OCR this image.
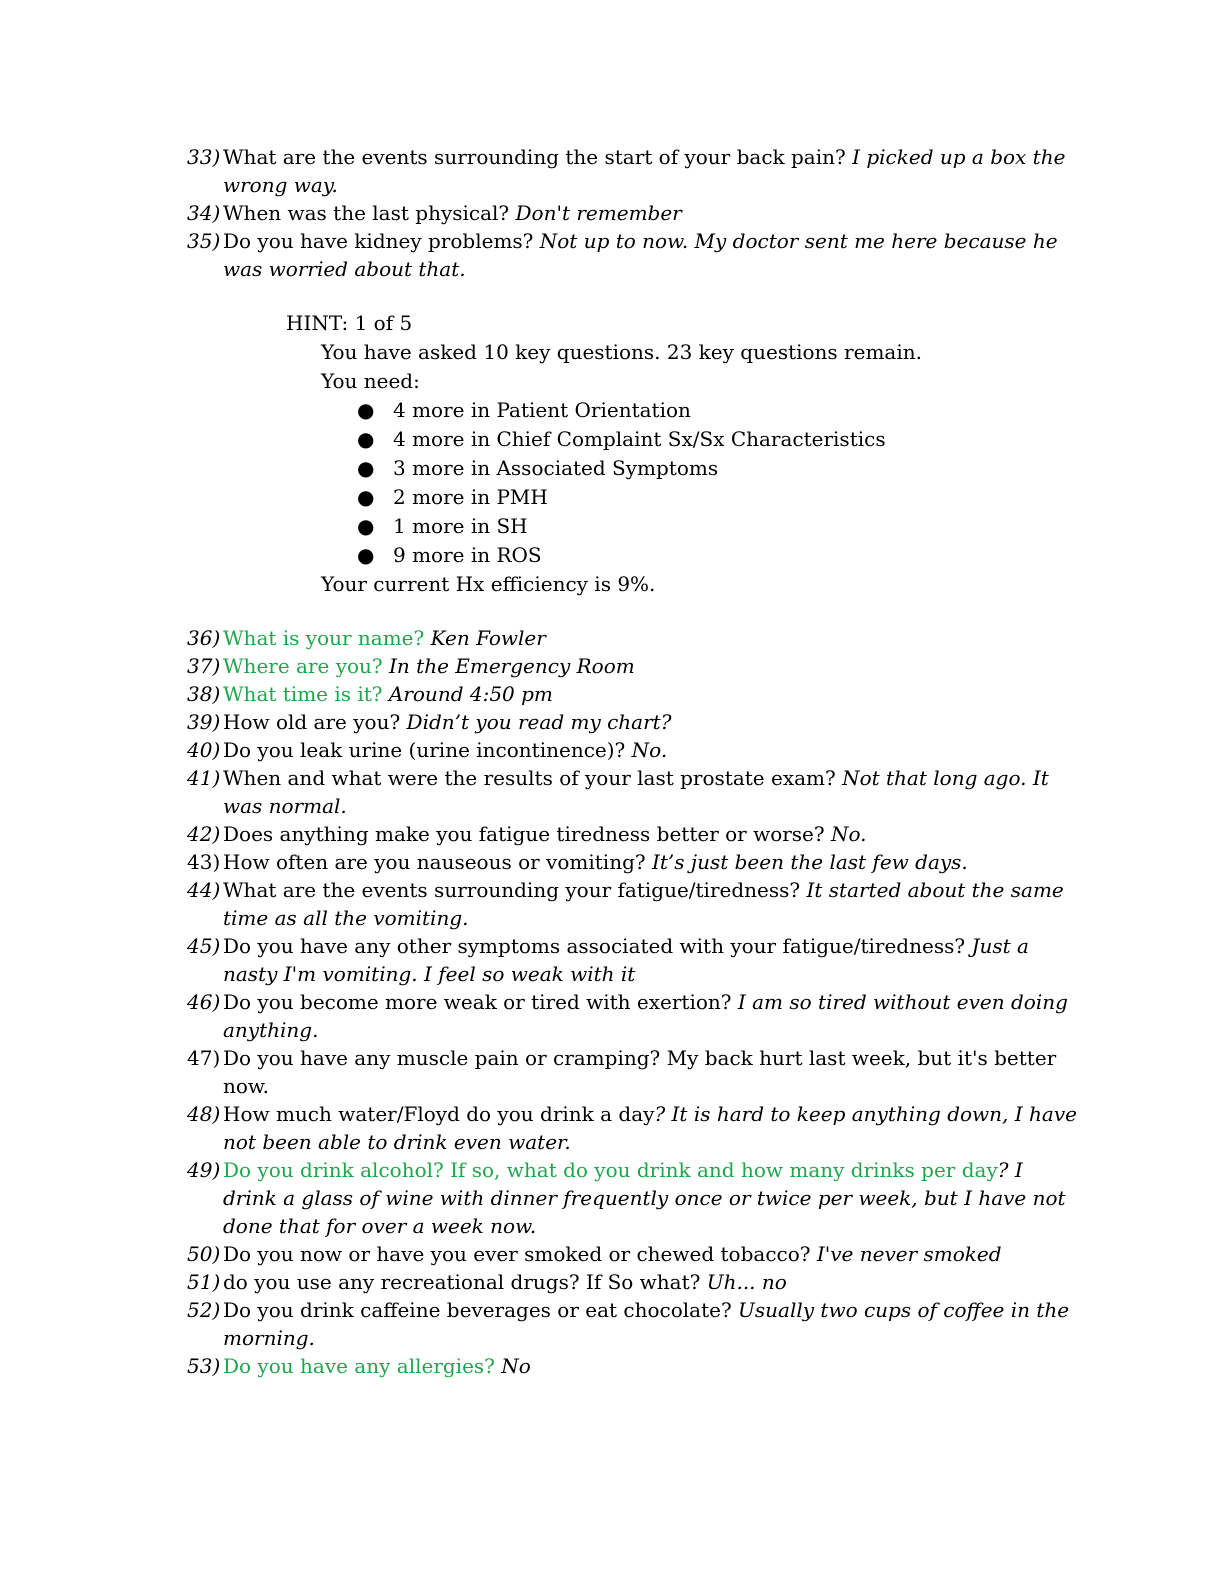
33) What are the events surrounding the start of your back pain? I picked up a box the wrong way.

34)
When was the last physical? Don't remember

35) Do you have kidney problems? Not up to now. My doctor sent me here because he was worried about that.

HINT: 1 of 5

You have asked 10 key questions. 23 key questions remain.

You need:

● 4 more in Patient Orientation
● 4 more in Chief Complaint Sx/Sx Characteristics
● 3 more in Associated Symptoms
● 2 more in PMH
● 1 more in SH
● 9 more in ROS

Your current Hx efficiency is 9%.

36)
What is your name? Ken Fowler

37)
Where are you? In the Emergency Room

38)
What time is it? Around 4:50 pm

39)
How old are you? Didn’t you read my chart?

40)
Do you leak urine (urine incontinence)? No.

41) When and what were the results of your last prostate exam? Not that long ago. It was normal.

42)
Does anything make you fatigue tiredness better or worse? No.

43)
How often are you nauseous or vomiting? It’s just been the last few days.

44) What are the events surrounding your fatigue/tiredness? It started about the same time as all the vomiting.

45) Do you have any other symptoms associated with your fatigue/tiredness? Just a nasty I'm vomiting. I feel so weak with it

46) Do you become more weak or tired with exertion? I am so tired without even doing anything.

47) Do you have any muscle pain or cramping? My back hurt last week, but it's better now.

48) How much water/Floyd do you drink a day? It is hard to keep anything down, I have not been able to drink even water.

49) Do you drink alcohol? If so, what do you drink and how many drinks per day? I drink a glass of wine with dinner frequently once or twice per week, but I have not done that for over a week now.

50)
Do you now or have you ever smoked or chewed tobacco? I've never smoked

51)
do you use any recreational drugs? If So what? Uh... no

52) Do you drink caffeine beverages or eat chocolate? Usually two cups of coffee in the morning.

53)
Do you have any allergies? No
